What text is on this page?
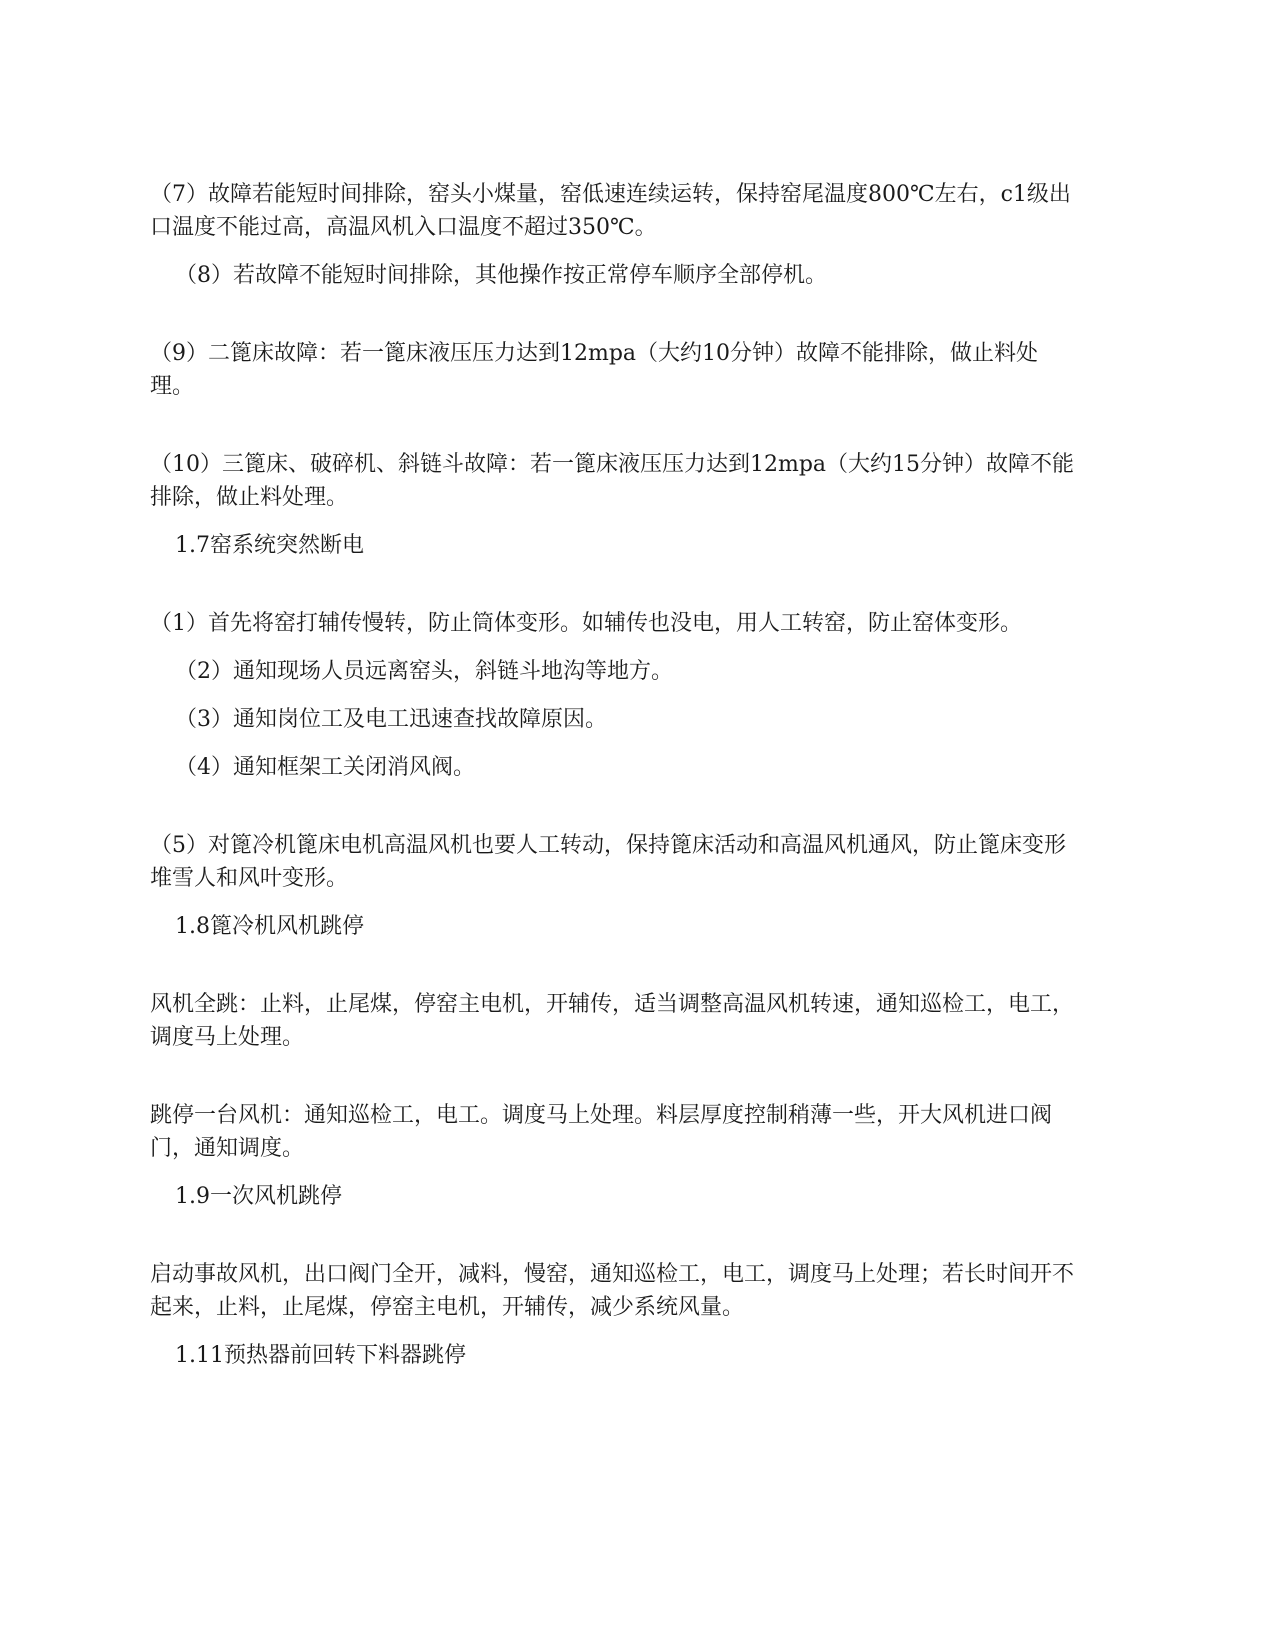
（7）故障若能短时间排除，窑头小煤量，窑低速连续运转，保持窑尾温度800℃左右，c1级出口温度不能过高，高温风机入口温度不超过350℃。

（8）若故障不能短时间排除，其他操作按正常停车顺序全部停机。

（9）二篦床故障：若一篦床液压压力达到12mpa（大约10分钟）故障不能排除，做止料处理。

（10）三篦床、破碎机、斜链斗故障：若一篦床液压压力达到12mpa（大约15分钟）故障不能排除，做止料处理。

1.7窑系统突然断电

（1）首先将窑打辅传慢转，防止筒体变形。如辅传也没电，用人工转窑，防止窑体变形。

（2）通知现场人员远离窑头，斜链斗地沟等地方。

（3）通知岗位工及电工迅速查找故障原因。

（4）通知框架工关闭消风阀。

（5）对篦冷机篦床电机高温风机也要人工转动，保持篦床活动和高温风机通风，防止篦床变形堆雪人和风叶变形。

1.8篦冷机风机跳停

风机全跳：止料，止尾煤，停窑主电机，开辅传，适当调整高温风机转速，通知巡检工，电工，调度马上处理。

跳停一台风机：通知巡检工，电工。调度马上处理。料层厚度控制稍薄一些，开大风机进口阀门，通知调度。

1.9一次风机跳停

启动事故风机，出口阀门全开，减料，慢窑，通知巡检工，电工，调度马上处理；若长时间开不起来，止料，止尾煤，停窑主电机，开辅传，减少系统风量。

1.11预热器前回转下料器跳停
